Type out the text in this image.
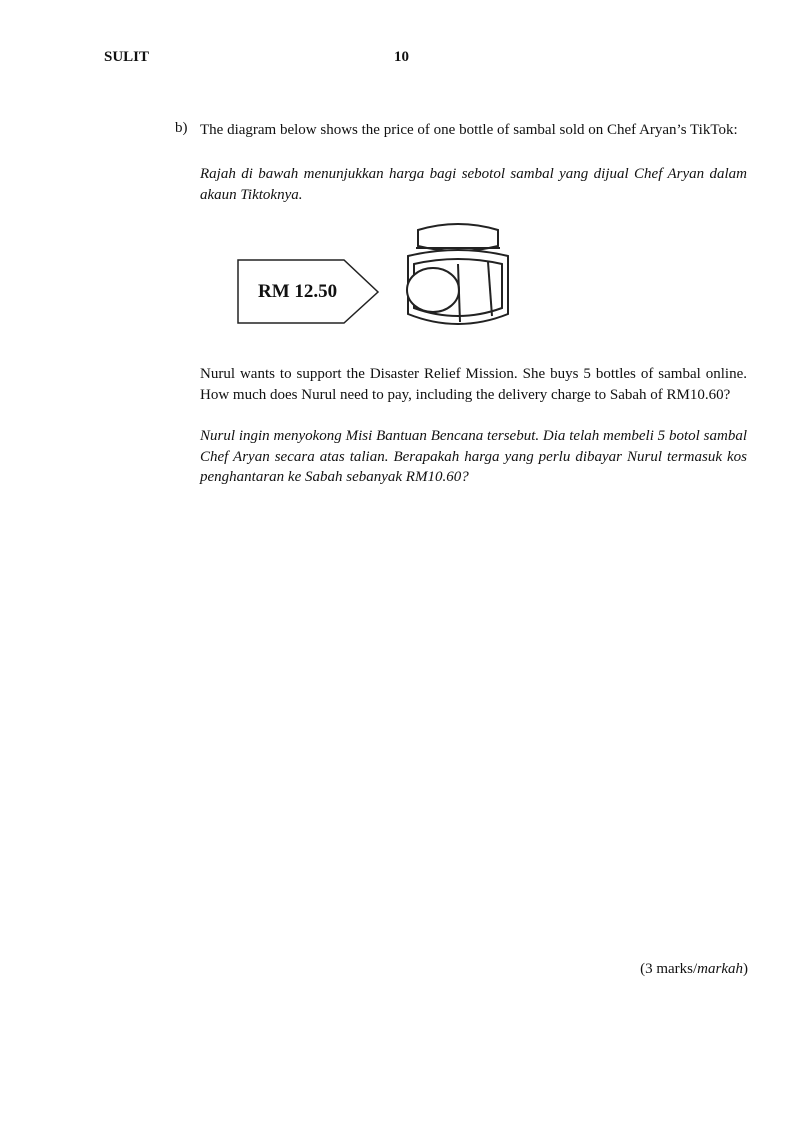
SULIT	10
b) The diagram below shows the price of one bottle of sambal sold on Chef Aryan’s TikTok:
Rajah di bawah menunjukkan harga bagi sebotol sambal yang dijual Chef Aryan dalam akaun Tiktoknya.
RM 12.50
Nurul wants to support the Disaster Relief Mission. She buys 5 bottles of sambal online. How much does Nurul need to pay, including the delivery charge to Sabah of RM10.60?
Nurul ingin menyokong Misi Bantuan Bencana tersebut. Dia telah membeli 5 botol sambal Chef Aryan secara atas talian. Berapakah harga yang perlu dibayar Nurul termasuk kos penghantaran ke Sabah sebanyak RM10.60?
(3 marks/markah)
